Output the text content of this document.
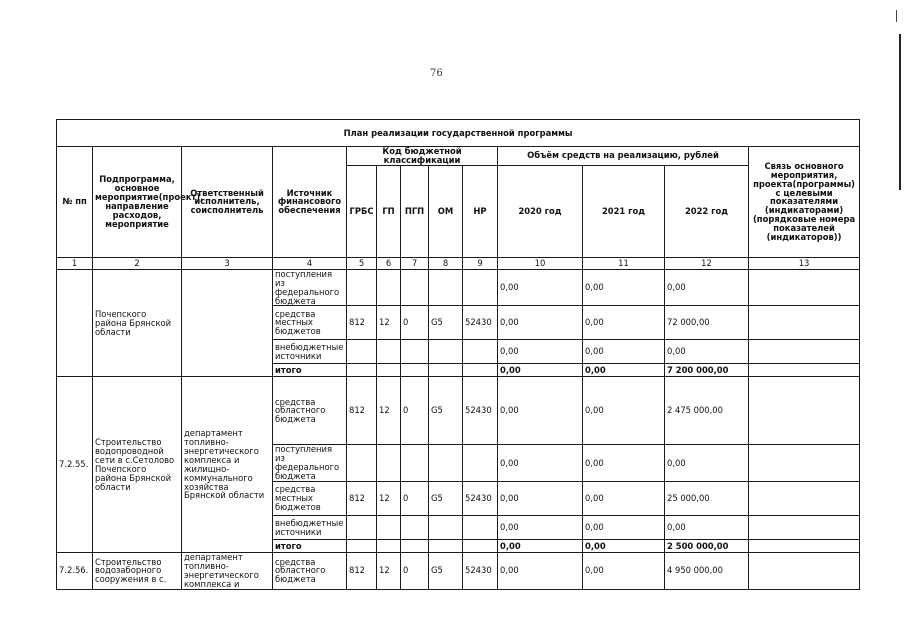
76
План реализации государственной программы												
№ пп	Подпрограмма, основное мероприятие(проект), направление расходов, мероприятие	Ответственный исполнитель, соисполнитель	Источник финансового обеспечения	Код бюджетной классификации					Объём средств на реализацию, рублей			Связь основного мероприятия, проекта(программы) с целевыми показателями (индикаторами) (порядковые номера показателей (индикаторов))
				ГРБС	ГП	ПГП	ОМ	НР	2020 год	2021 год	2022 год	
1	2	3	4	5	6	7	8	9	10	11	12	13
	Почепского района Брянской области		поступления из федерального бюджета						0,00	0,00	0,00	
			средства местных бюджетов	812	12	0	G5	52430	0,00	0,00	72 000,00	
			внебюджетные источники						0,00	0,00	0,00	
			итого						0,00	0,00	7 200 000,00	
7.2.55.	Строительство водопроводной сети в с.Сетолово Почепского района Брянской области	департамент топливно-энергетического комплекса и жилищно-коммунального хозяйства Брянской области	средства областного бюджета	812	12	0	G5	52430	0,00	0,00	2 475 000,00	
			поступления из федерального бюджета						0,00	0,00	0,00	
			средства местных бюджетов	812	12	0	G5	52430	0,00	0,00	25 000,00	
			внебюджетные источники						0,00	0,00	0,00	
			итого						0,00	0,00	2 500 000,00	
7.2.56.	Строительство водозаборного сооружения в с.	департамент топливно-энергетического комплекса и	средства областного бюджета	812	12	0	G5	52430	0,00	0,00	4 950 000,00	
